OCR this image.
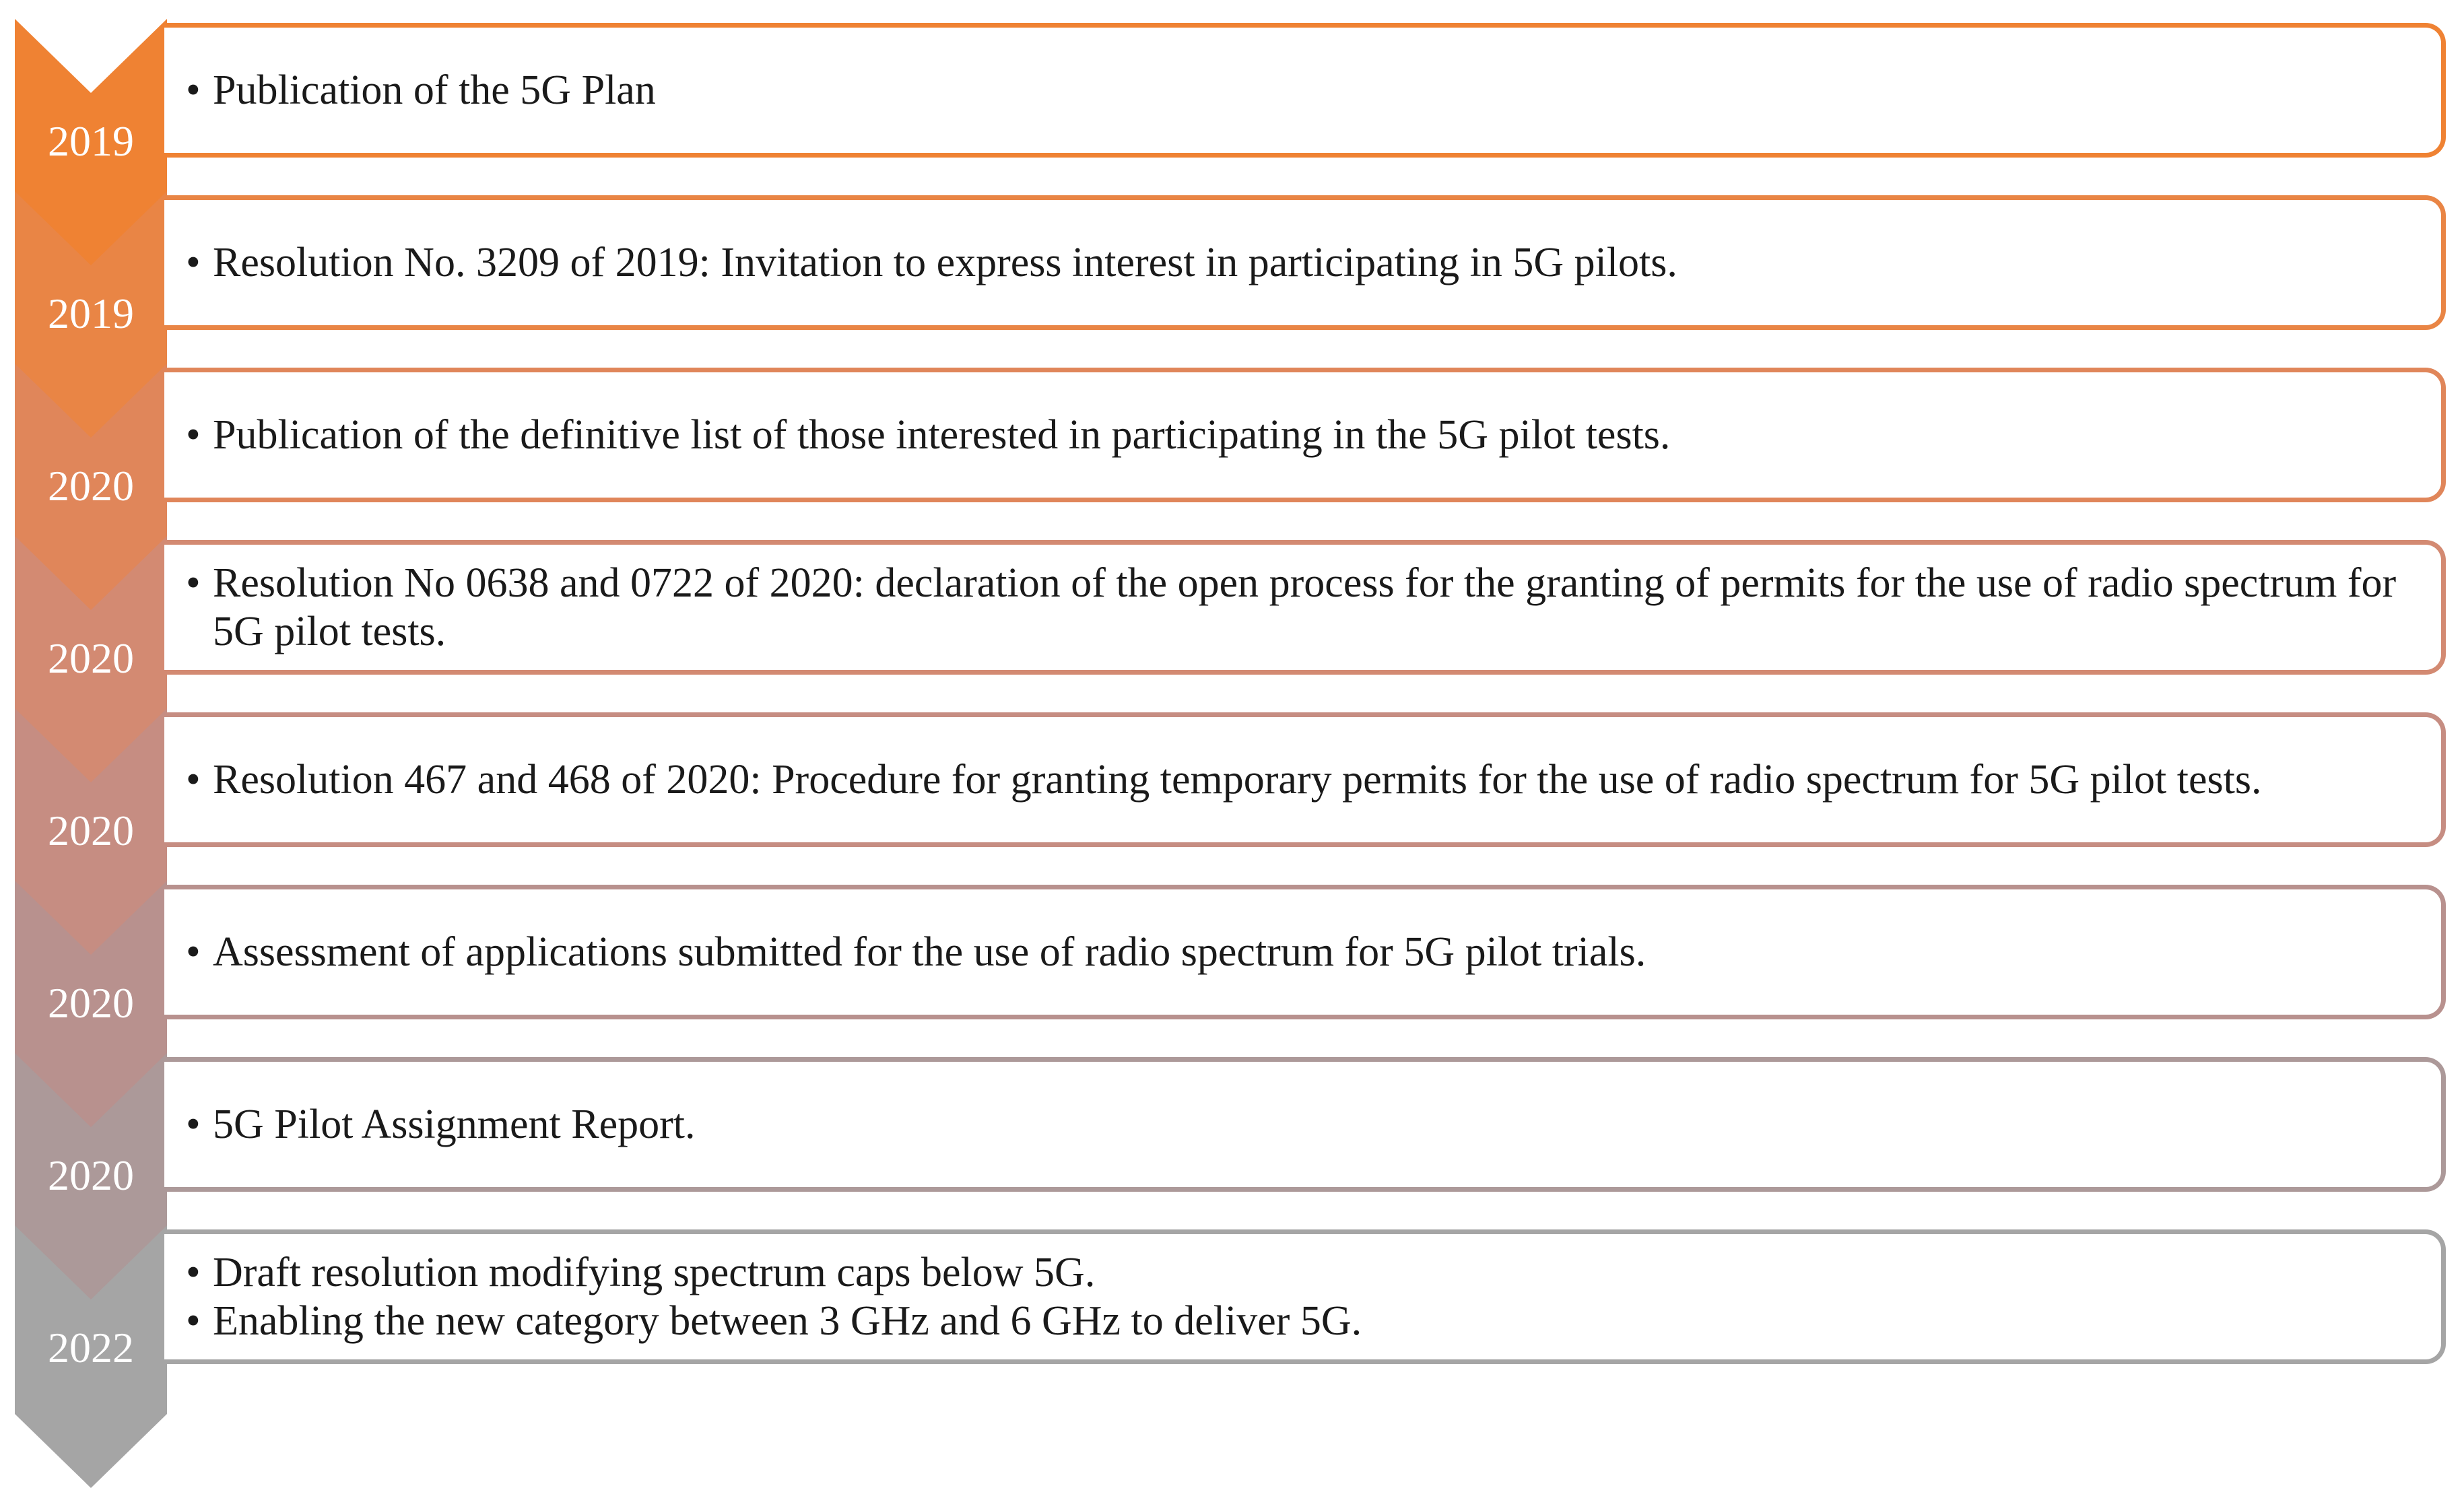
2019
• Publication of the 5G Plan
2019
• Resolution No. 3209 of 2019: Invitation to express interest in participating in 5G pilots.
2020
• Publication of the definitive list of those interested in participating in the 5G pilot tests.
2020
• Resolution No 0638 and 0722 of 2020: declaration of the open process for the granting of permits for the use of radio spectrum for 5G pilot tests.
2020
• Resolution 467 and 468 of 2020: Procedure for granting temporary permits for the use of radio spectrum for 5G pilot tests.
2020
• Assessment of applications submitted for the use of radio spectrum for 5G pilot trials.
2020
• 5G Pilot Assignment Report.
2022
• Draft resolution modifying spectrum caps below 5G.
• Enabling the new category between 3 GHz and 6 GHz to deliver 5G.
